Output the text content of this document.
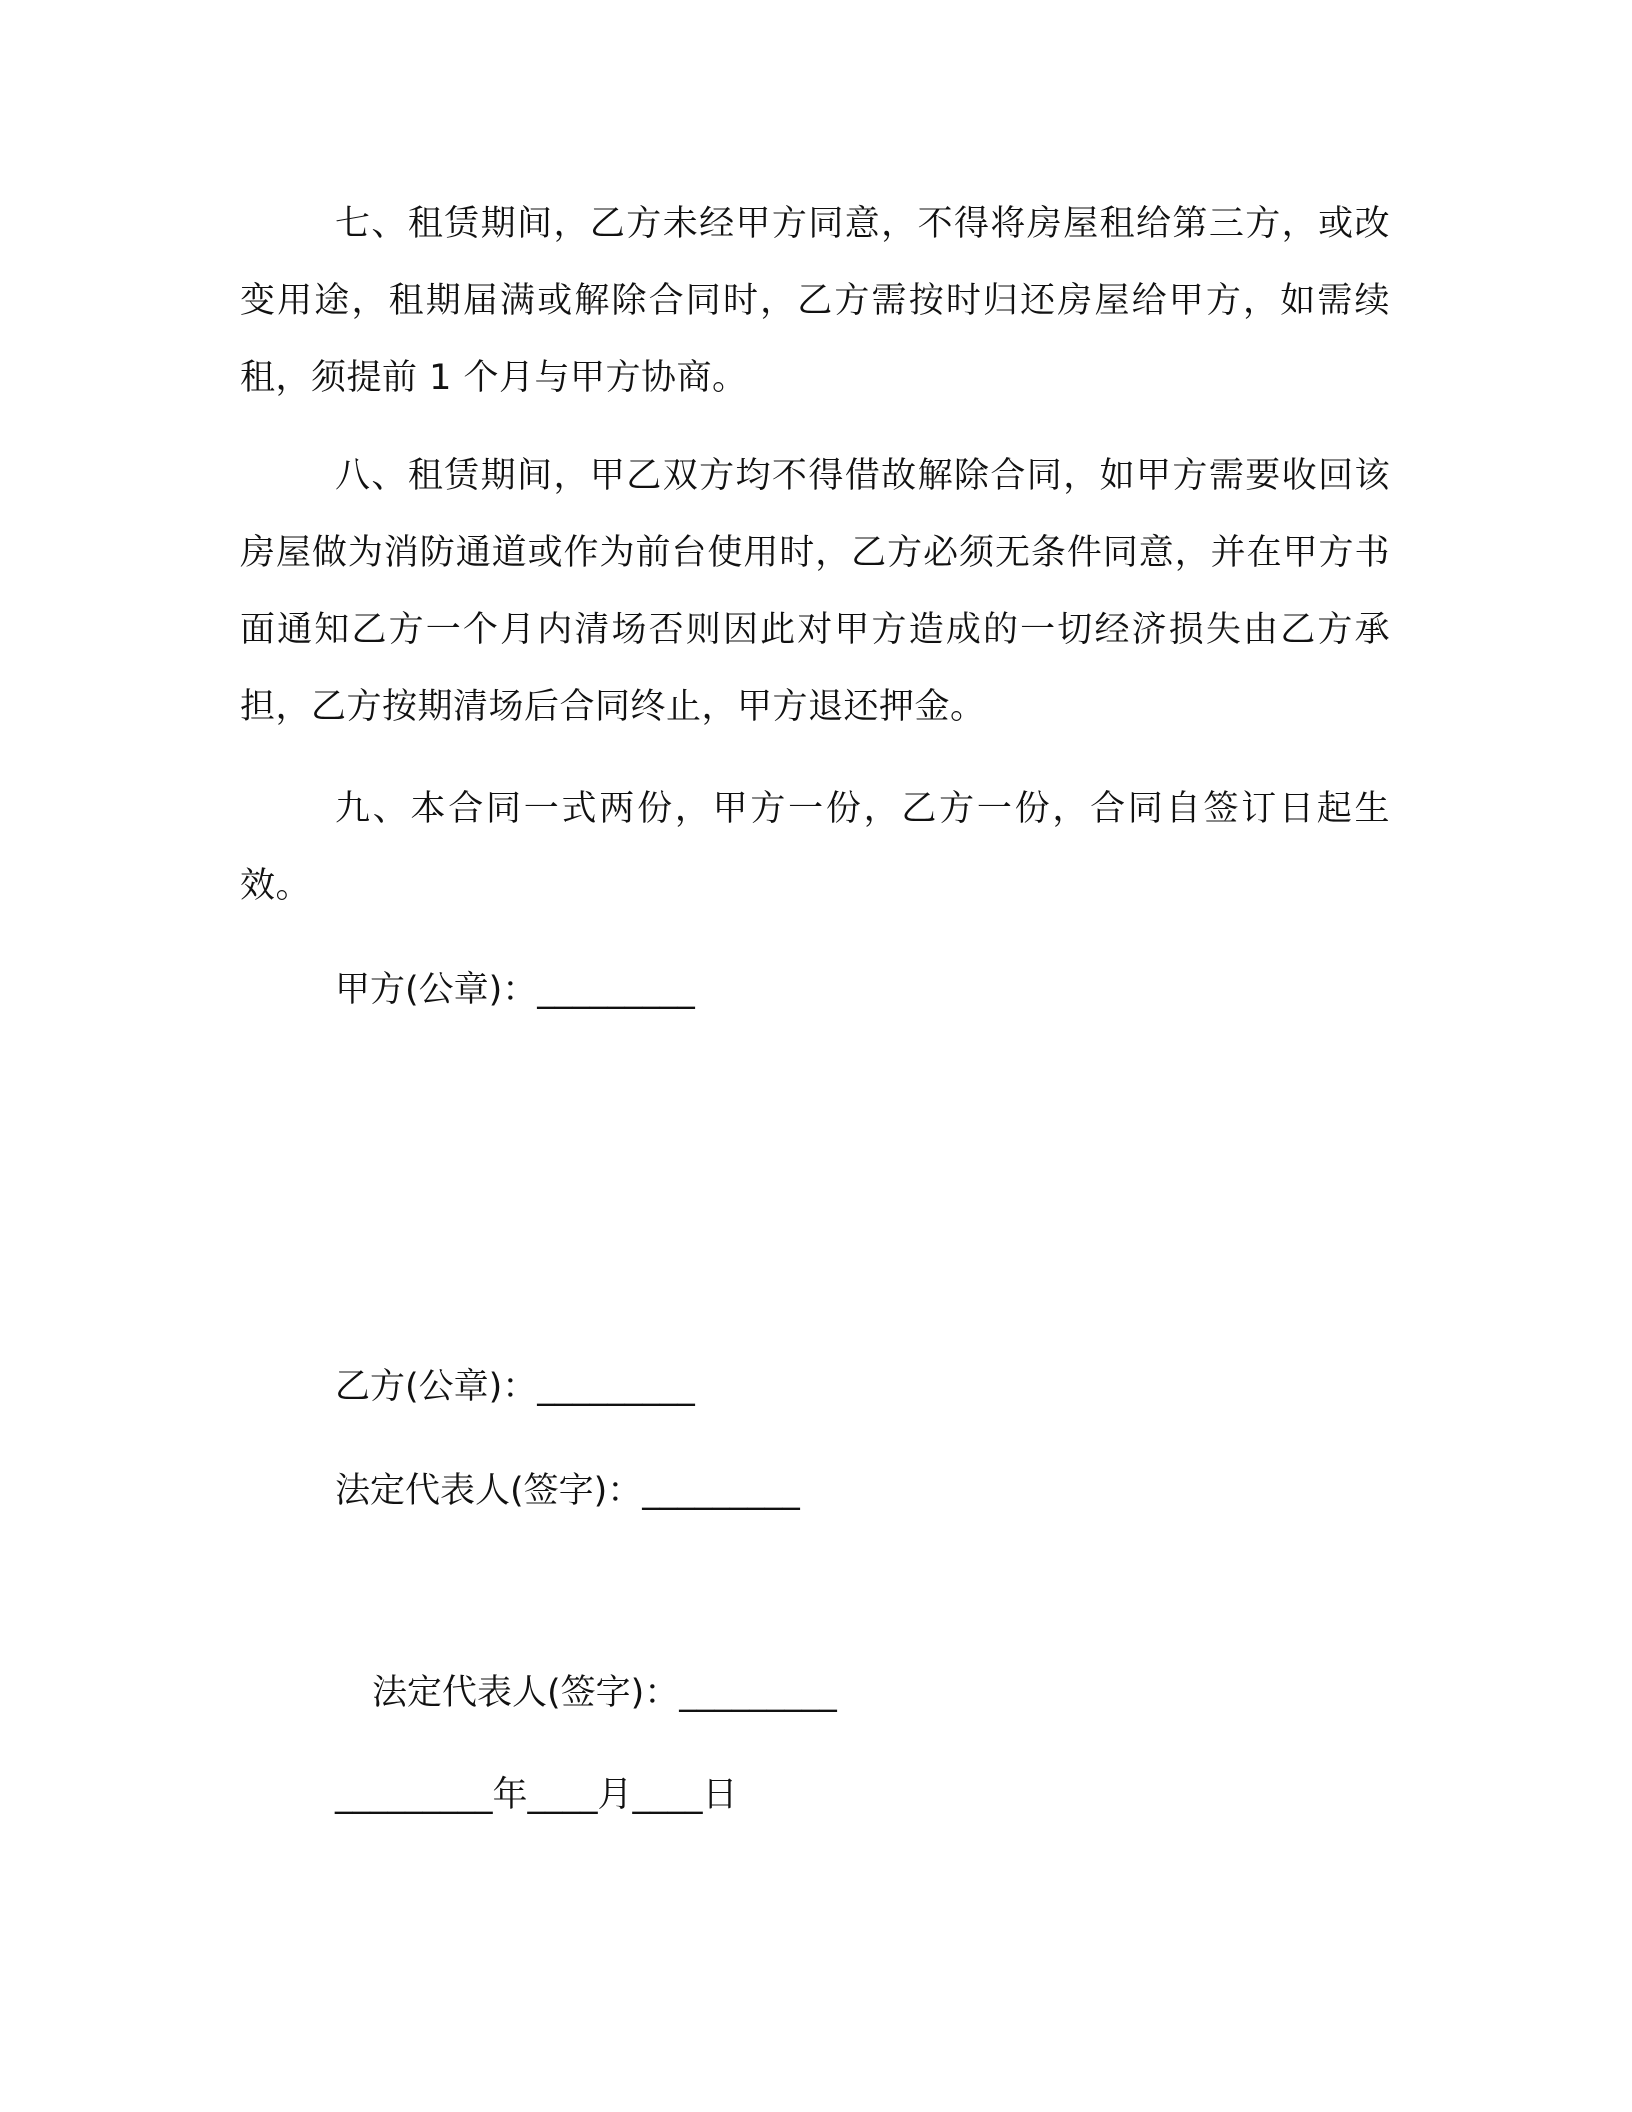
七、租赁期间，乙方未经甲方同意，不得将房屋租给第三方，或改变用途，租期届满或解除合同时，乙方需按时归还房屋给甲方，如需续租，须提前 1 个月与甲方协商。

八、租赁期间，甲乙双方均不得借故解除合同，如甲方需要收回该房屋做为消防通道或作为前台使用时，乙方必须无条件同意，并在甲方书面通知乙方一个月内清场否则因此对甲方造成的一切经济损失由乙方承担，乙方按期清场后合同终止，甲方退还押金。

九、本合同一式两份，甲方一份，乙方一份，合同自签订日起生效。

甲方(公章)：_________

乙方(公章)：_________

法定代表人(签字)：_________

法定代表人(签字)：_________

_________年____月____日
